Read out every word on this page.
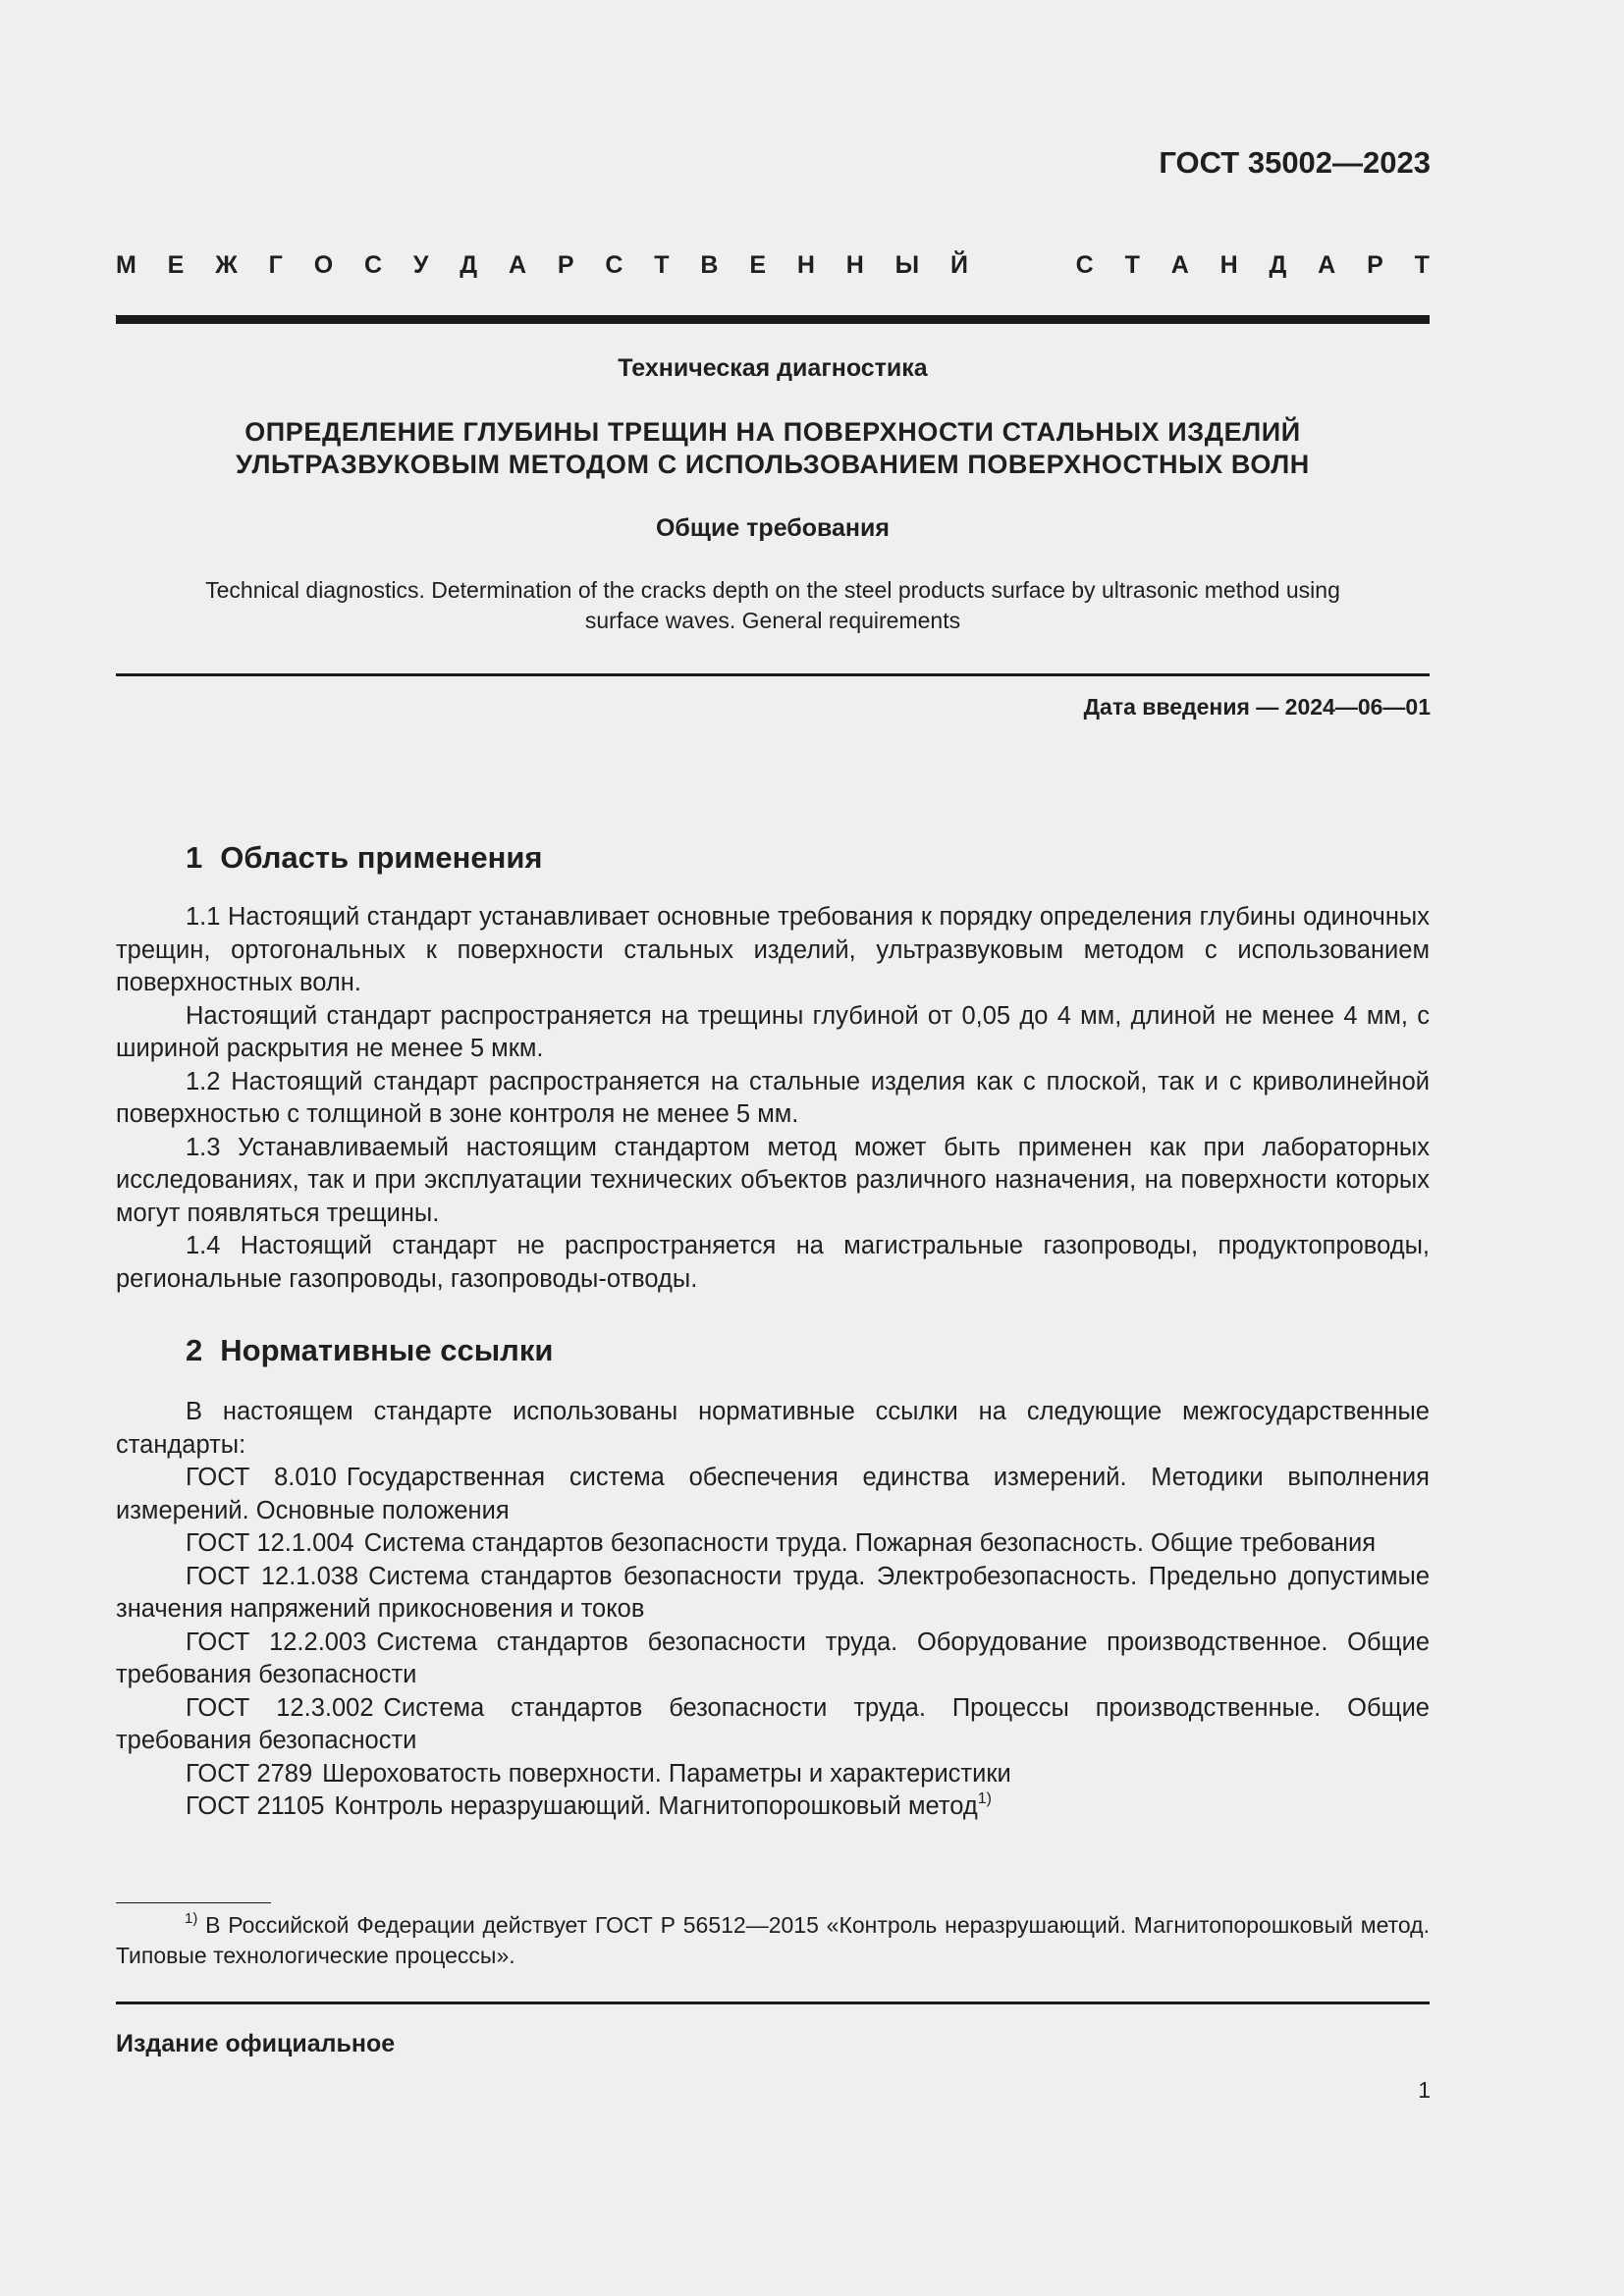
ГОСТ 35002—2023

М Е Ж Г О С У Д А Р С Т В Е Н Н Ы Й	С Т А Н Д А Р Т

Техническая диагностика

ОПРЕДЕЛЕНИЕ ГЛУБИНЫ ТРЕЩИН НА ПОВЕРХНОСТИ СТАЛЬНЫХ ИЗДЕЛИЙ
УЛЬТРАЗВУКОВЫМ МЕТОДОМ С ИСПОЛЬЗОВАНИЕМ ПОВЕРХНОСТНЫХ ВОЛН

Общие требования

Technical diagnostics. Determination of the cracks depth on the steel products surface by ultrasonic method using
surface waves. General requirements

Дата введения — 2024—06—01

1 Область применения

1.1 Настоящий стандарт устанавливает основные требования к порядку определения глубины одиночных трещин, ортогональных к поверхности стальных изделий, ультразвуковым методом с использованием поверхностных волн.

Настоящий стандарт распространяется на трещины глубиной от 0,05 до 4 мм, длиной не менее 4 мм, с шириной раскрытия не менее 5 мкм.

1.2 Настоящий стандарт распространяется на стальные изделия как с плоской, так и с криволинейной поверхностью с толщиной в зоне контроля не менее 5 мм.

1.3 Устанавливаемый настоящим стандартом метод может быть применен как при лабораторных исследованиях, так и при эксплуатации технических объектов различного назначения, на поверхности которых могут появляться трещины.

1.4 Настоящий стандарт не распространяется на магистральные газопроводы, продуктопроводы, региональные газопроводы, газопроводы-отводы.

2 Нормативные ссылки

В настоящем стандарте использованы нормативные ссылки на следующие межгосударственные стандарты:

ГОСТ 8.010 Государственная система обеспечения единства измерений. Методики выполнения измерений. Основные положения

ГОСТ 12.1.004 Система стандартов безопасности труда. Пожарная безопасность. Общие требования

ГОСТ 12.1.038 Система стандартов безопасности труда. Электробезопасность. Предельно допустимые значения напряжений прикосновения и токов

ГОСТ 12.2.003 Система стандартов безопасности труда. Оборудование производственное. Общие требования безопасности

ГОСТ 12.3.002 Система стандартов безопасности труда. Процессы производственные. Общие требования безопасности

ГОСТ 2789 Шероховатость поверхности. Параметры и характеристики

ГОСТ 21105 Контроль неразрушающий. Магнитопорошковый метод$^{1)}$

$^{1)}$ В Российской Федерации действует ГОСТ Р 56512—2015 «Контроль неразрушающий. Магнитопорошковый метод. Типовые технологические процессы».

Издание официальное

1
